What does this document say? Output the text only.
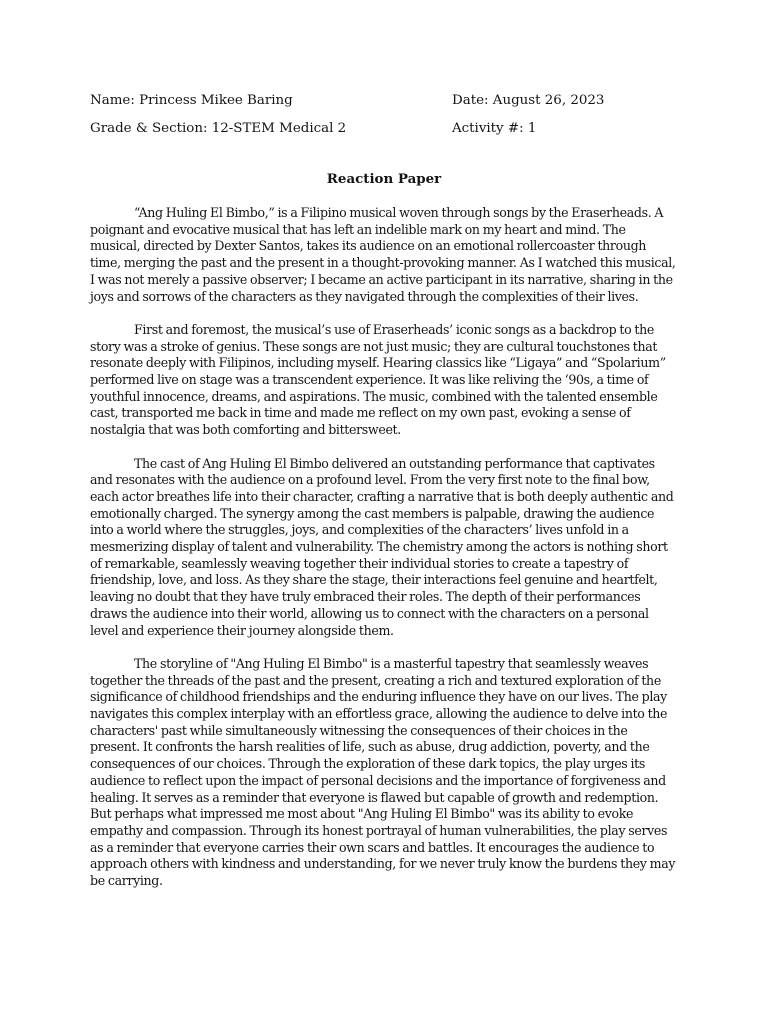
Name: Princess Mikee Baring	Date: August 26, 2023
Grade & Section: 12-STEM Medical 2	Activity #: 1
Reaction Paper

“Ang Huling El Bimbo,” is a Filipino musical woven through songs by the Eraserheads. A poignant and evocative musical that has left an indelible mark on my heart and mind. The musical, directed by Dexter Santos, takes its audience on an emotional rollercoaster through time, merging the past and the present in a thought-provoking manner. As I watched this musical, I was not merely a passive observer; I became an active participant in its narrative, sharing in the joys and sorrows of the characters as they navigated through the complexities of their lives.

First and foremost, the musical’s use of Eraserheads’ iconic songs as a backdrop to the story was a stroke of genius. These songs are not just music; they are cultural touchstones that resonate deeply with Filipinos, including myself. Hearing classics like “Ligaya” and “Spolarium” performed live on stage was a transcendent experience. It was like reliving the ‘90s, a time of youthful innocence, dreams, and aspirations. The music, combined with the talented ensemble cast, transported me back in time and made me reflect on my own past, evoking a sense of nostalgia that was both comforting and bittersweet.

The cast of Ang Huling El Bimbo delivered an outstanding performance that captivates and resonates with the audience on a profound level. From the very first note to the final bow, each actor breathes life into their character, crafting a narrative that is both deeply authentic and emotionally charged. The synergy among the cast members is palpable, drawing the audience into a world where the struggles, joys, and complexities of the characters’ lives unfold in a mesmerizing display of talent and vulnerability. The chemistry among the actors is nothing short of remarkable, seamlessly weaving together their individual stories to create a tapestry of friendship, love, and loss. As they share the stage, their interactions feel genuine and heartfelt, leaving no doubt that they have truly embraced their roles. The depth of their performances draws the audience into their world, allowing us to connect with the characters on a personal level and experience their journey alongside them.

The storyline of "Ang Huling El Bimbo" is a masterful tapestry that seamlessly weaves together the threads of the past and the present, creating a rich and textured exploration of the significance of childhood friendships and the enduring influence they have on our lives. The play navigates this complex interplay with an effortless grace, allowing the audience to delve into the characters' past while simultaneously witnessing the consequences of their choices in the present. It confronts the harsh realities of life, such as abuse, drug addiction, poverty, and the consequences of our choices. Through the exploration of these dark topics, the play urges its audience to reflect upon the impact of personal decisions and the importance of forgiveness and healing. It serves as a reminder that everyone is flawed but capable of growth and redemption. But perhaps what impressed me most about "Ang Huling El Bimbo" was its ability to evoke empathy and compassion. Through its honest portrayal of human vulnerabilities, the play serves as a reminder that everyone carries their own scars and battles. It encourages the audience to approach others with kindness and understanding, for we never truly know the burdens they may be carrying.
